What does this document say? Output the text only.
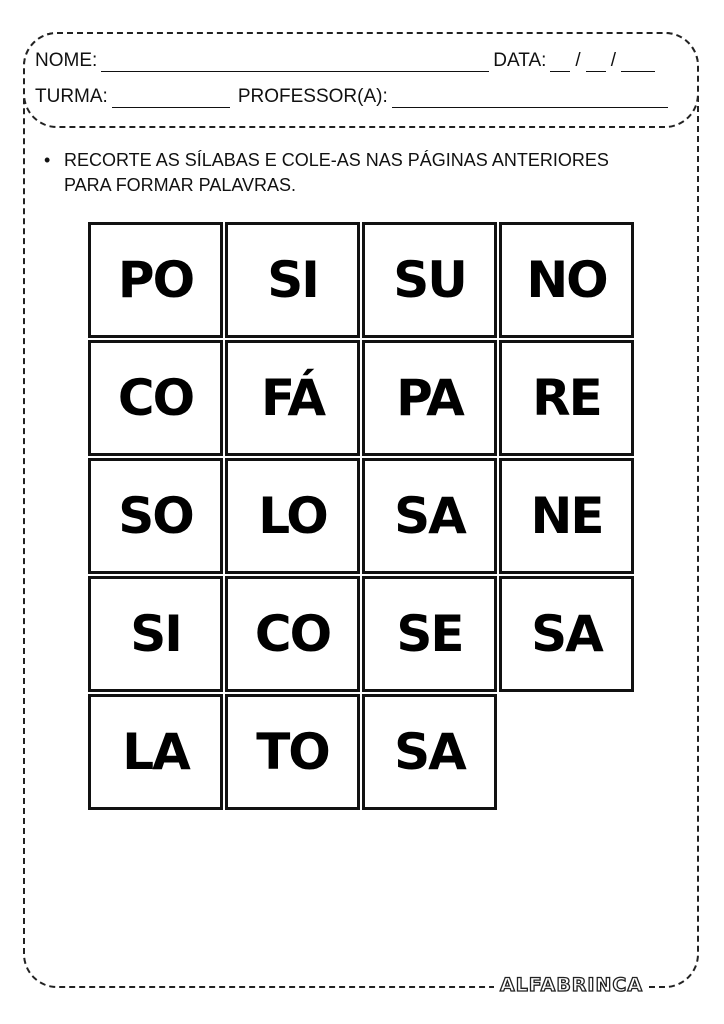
NOME:	DATA: / /
TURMA:	PROFESSOR(A):
• RECORTE AS SÍLABAS E COLE-AS NAS PÁGINAS ANTERIORES
PARA FORMAR PALAVRAS.
PO SI SU NO
CO FÁ PA RE
SO LO SA NE
SI CO SE SA
LA TO SA
ALFABRINCA
